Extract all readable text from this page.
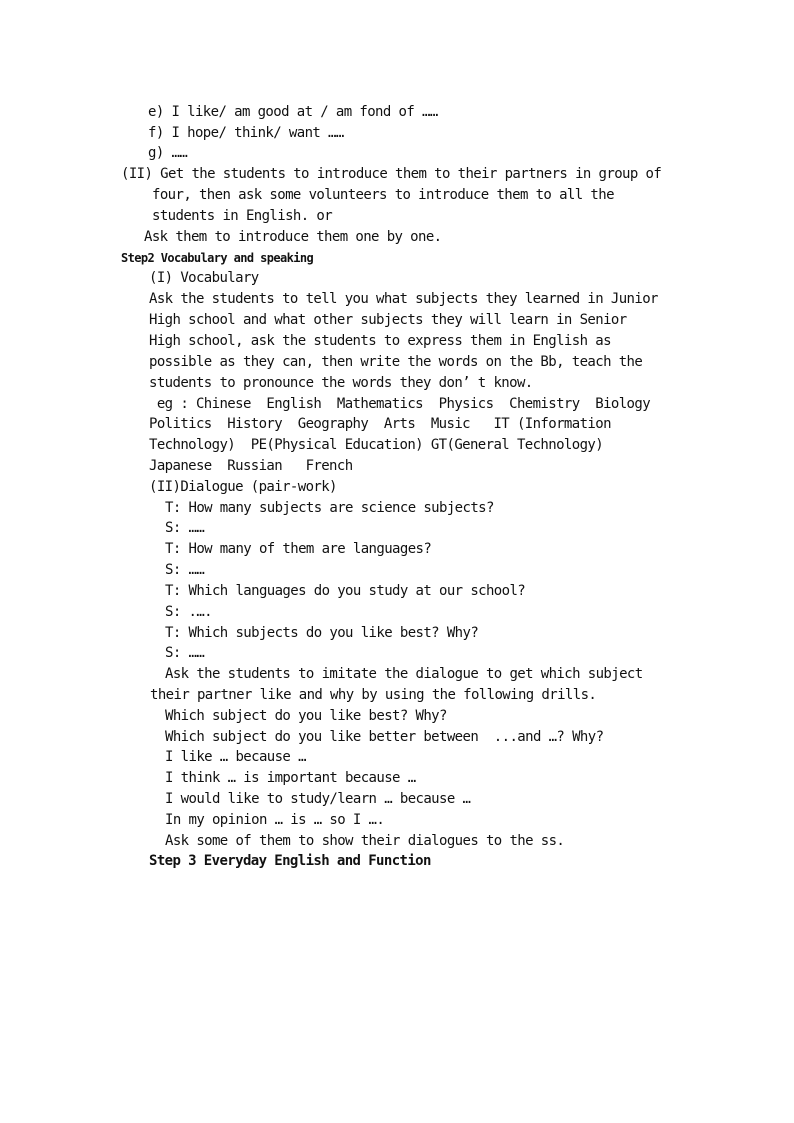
e) I like/ am good at / am fond of ……
f) I hope/ think/ want ……
g) ……
(II) Get the students to introduce them to their partners in group of
four, then ask some volunteers to introduce them to all the
students in English. or
Ask them to introduce them one by one.
Step2 Vocabulary and speaking
(I) Vocabulary
Ask the students to tell you what subjects they learned in Junior
High school and what other subjects they will learn in Senior
High school, ask the students to express them in English as
possible as they can, then write the words on the Bb, teach the
students to pronounce the words they don’ t know.
eg : Chinese  English  Mathematics  Physics  Chemistry  Biology
Politics  History  Geography  Arts  Music   IT (Information
Technology)  PE(Physical Education) GT(General Technology)
Japanese  Russian   French
(II)Dialogue (pair-work)
T: How many subjects are science subjects?
S: ……
T: How many of them are languages?
S: ……
T: Which languages do you study at our school?
S: .….
T: Which subjects do you like best? Why?
S: ……
Ask the students to imitate the dialogue to get which subject
their partner like and why by using the following drills.
Which subject do you like best? Why?
Which subject do you like better between  ...and …? Why?
I like … because …
I think … is important because …
I would like to study/learn … because …
In my opinion … is … so I ….
Ask some of them to show their dialogues to the ss.
Step 3 Everyday English and Function
